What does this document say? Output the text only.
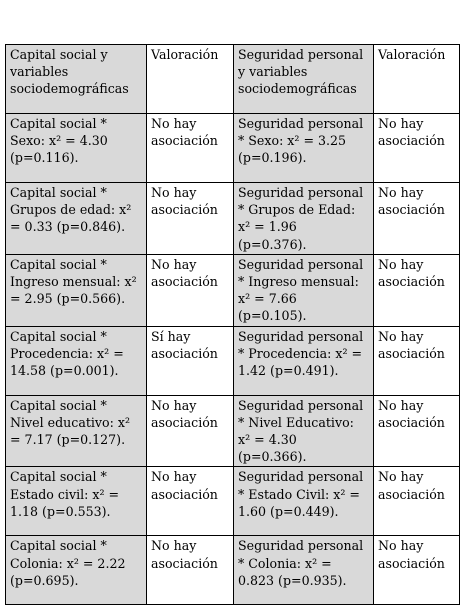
Capital social y variables sociodemográficas	Valoración	Seguridad personal y variables sociodemográficas	Valoración
Capital social * Sexo: x² = 4.30 (p=0.116).	No hay asociación	Seguridad personal * Sexo: x² = 3.25 (p=0.196).	No hay asociación
Capital social * Grupos de edad: x² = 0.33 (p=0.846).	No hay asociación	Seguridad personal * Grupos de Edad: x² = 1.96 (p=0.376).	No hay asociación
Capital social * Ingreso mensual: x² = 2.95 (p=0.566).	No hay asociación	Seguridad personal * Ingreso mensual: x² = 7.66 (p=0.105).	No hay asociación
Capital social * Procedencia: x² = 14.58 (p=0.001).	Sí hay asociación	Seguridad personal * Procedencia: x² = 1.42 (p=0.491).	No hay asociación
Capital social * Nivel educativo: x² = 7.17 (p=0.127).	No hay asociación	Seguridad personal * Nivel Educativo: x² = 4.30 (p=0.366).	No hay asociación
Capital social * Estado civil: x² = 1.18 (p=0.553).	No hay asociación	Seguridad personal * Estado Civil: x² = 1.60 (p=0.449).	No hay asociación
Capital social * Colonia: x² = 2.22 (p=0.695).	No hay asociación	Seguridad personal * Colonia: x² = 0.823 (p=0.935).	No hay asociación
